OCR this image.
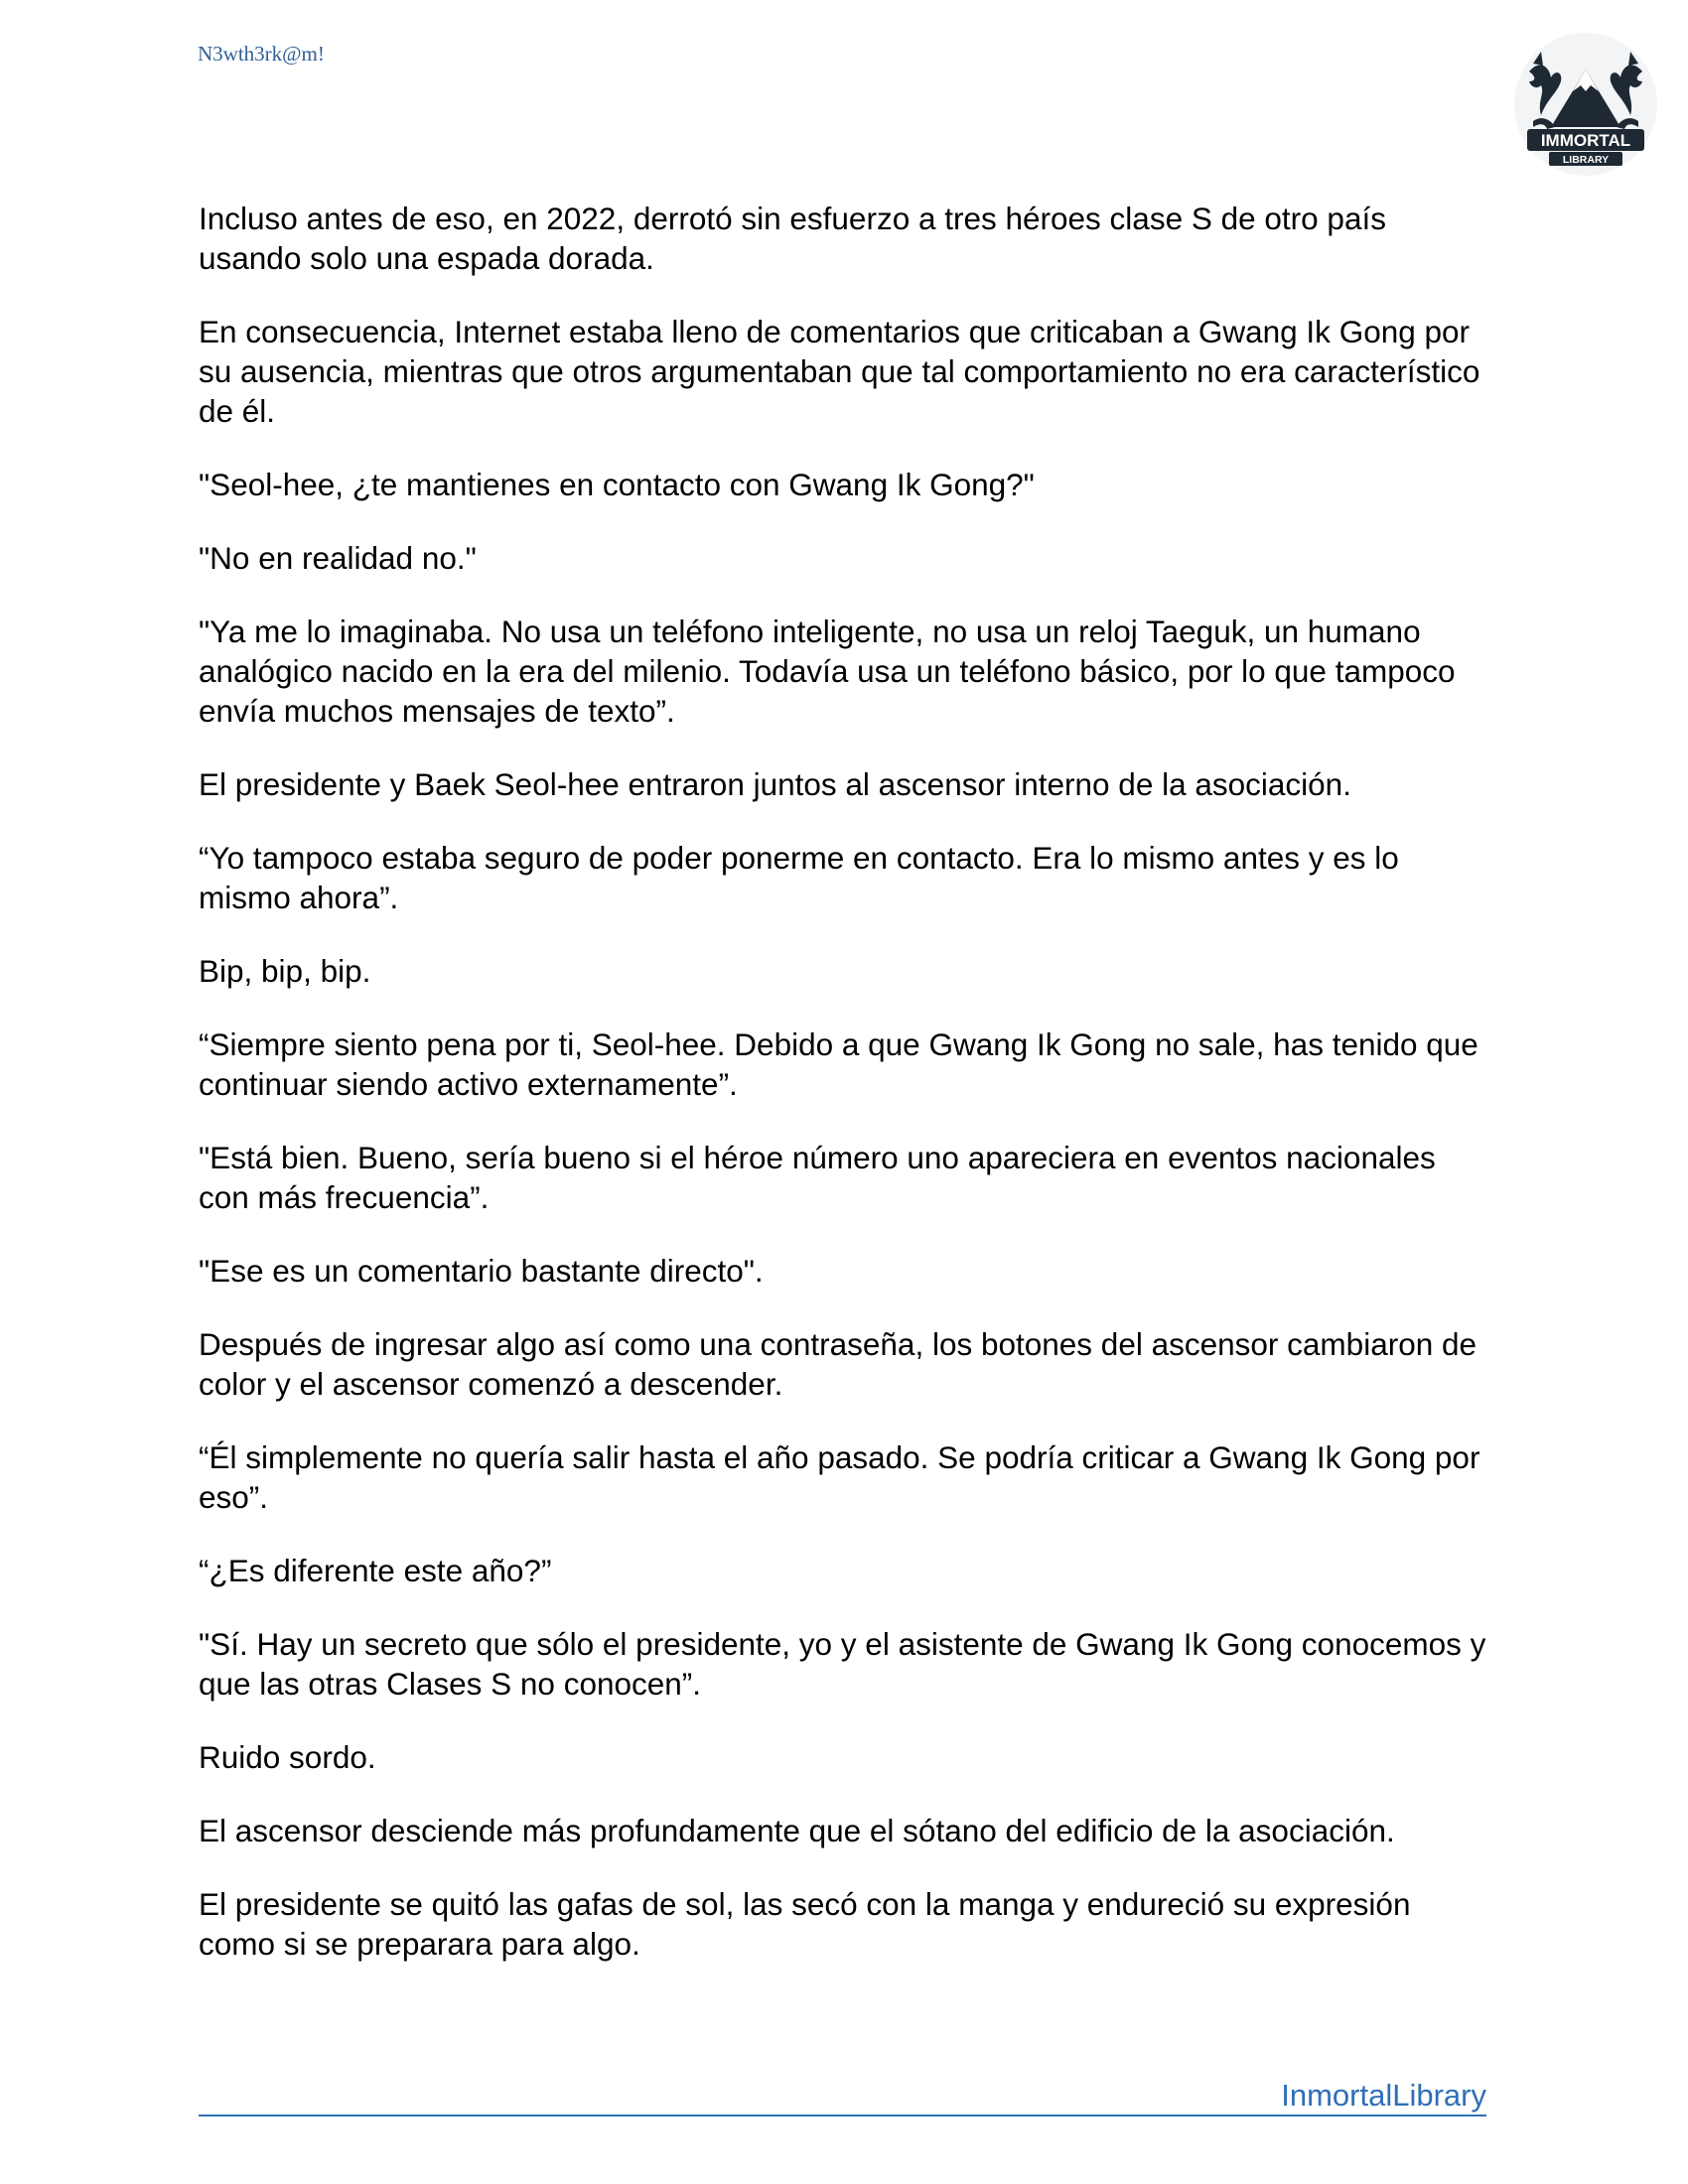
N3wth3rk@m!
IMMORTAL
LIBRARY

Incluso antes de eso, en 2022, derrotó sin esfuerzo a tres héroes clase S de otro país usando solo una espada dorada.

En consecuencia, Internet estaba lleno de comentarios que criticaban a Gwang Ik Gong por su ausencia, mientras que otros argumentaban que tal comportamiento no era característico de él.

"Seol-hee, ¿te mantienes en contacto con Gwang Ik Gong?"

"No en realidad no."

"Ya me lo imaginaba. No usa un teléfono inteligente, no usa un reloj Taeguk, un humano analógico nacido en la era del milenio. Todavía usa un teléfono básico, por lo que tampoco envía muchos mensajes de texto”.

El presidente y Baek Seol-hee entraron juntos al ascensor interno de la asociación.

“Yo tampoco estaba seguro de poder ponerme en contacto. Era lo mismo antes y es lo mismo ahora”.

Bip, bip, bip.

“Siempre siento pena por ti, Seol-hee. Debido a que Gwang Ik Gong no sale, has tenido que continuar siendo activo externamente”.

"Está bien. Bueno, sería bueno si el héroe número uno apareciera en eventos nacionales con más frecuencia”.

"Ese es un comentario bastante directo".

Después de ingresar algo así como una contraseña, los botones del ascensor cambiaron de color y el ascensor comenzó a descender.

“Él simplemente no quería salir hasta el año pasado. Se podría criticar a Gwang Ik Gong por eso”.

“¿Es diferente este año?”

"Sí. Hay un secreto que sólo el presidente, yo y el asistente de Gwang Ik Gong conocemos y que las otras Clases S no conocen”.

Ruido sordo.

El ascensor desciende más profundamente que el sótano del edificio de la asociación.

El presidente se quitó las gafas de sol, las secó con la manga y endureció su expresión como si se preparara para algo.

InmortalLibrary
